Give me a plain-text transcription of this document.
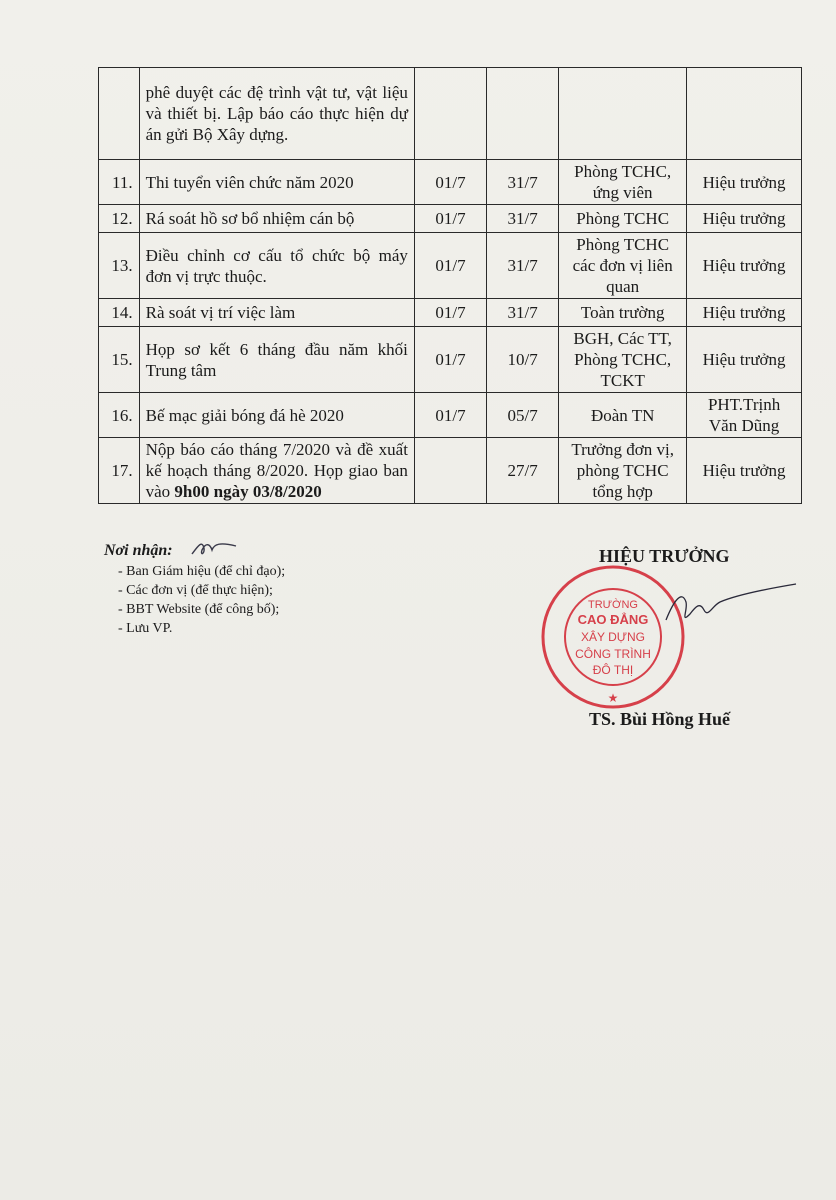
	phê duyệt các đệ trình vật tư, vật liệu và thiết bị. Lập báo cáo thực hiện dự án gửi Bộ Xây dựng.				
11.	Thi tuyển viên chức năm 2020	01/7	31/7	Phòng TCHC, ứng viên	Hiệu trưởng
12.	Rá soát hồ sơ bổ nhiệm cán bộ	01/7	31/7	Phòng TCHC	Hiệu trưởng
13.	Điều chỉnh cơ cấu tổ chức bộ máy đơn vị trực thuộc.	01/7	31/7	Phòng TCHC các đơn vị liên quan	Hiệu trưởng
14.	Rà soát vị trí việc làm	01/7	31/7	Toàn trường	Hiệu trưởng
15.	Họp sơ kết 6 tháng đầu năm khối Trung tâm	01/7	10/7	BGH, Các TT, Phòng TCHC, TCKT	Hiệu trưởng
16.	Bế mạc giải bóng đá hè 2020	01/7	05/7	Đoàn TN	PHT.Trịnh Văn Dũng
17.	Nộp báo cáo tháng 7/2020 và đề xuất kế hoạch tháng 8/2020. Họp giao ban vào 9h00 ngày 03/8/2020		27/7	Trưởng đơn vị, phòng TCHC tổng hợp	Hiệu trưởng
Nơi nhận:
- Ban Giám hiệu (để chỉ đạo);
- Các đơn vị (để thực hiện);
- BBT Website (để công bố);
- Lưu VP.
HIỆU TRƯỞNG
TRƯỜNG
CAO ĐẲNG
XÂY DỰNG
CÔNG TRÌNH
ĐÔ THỊ
★
TS. Bùi Hồng Huế
